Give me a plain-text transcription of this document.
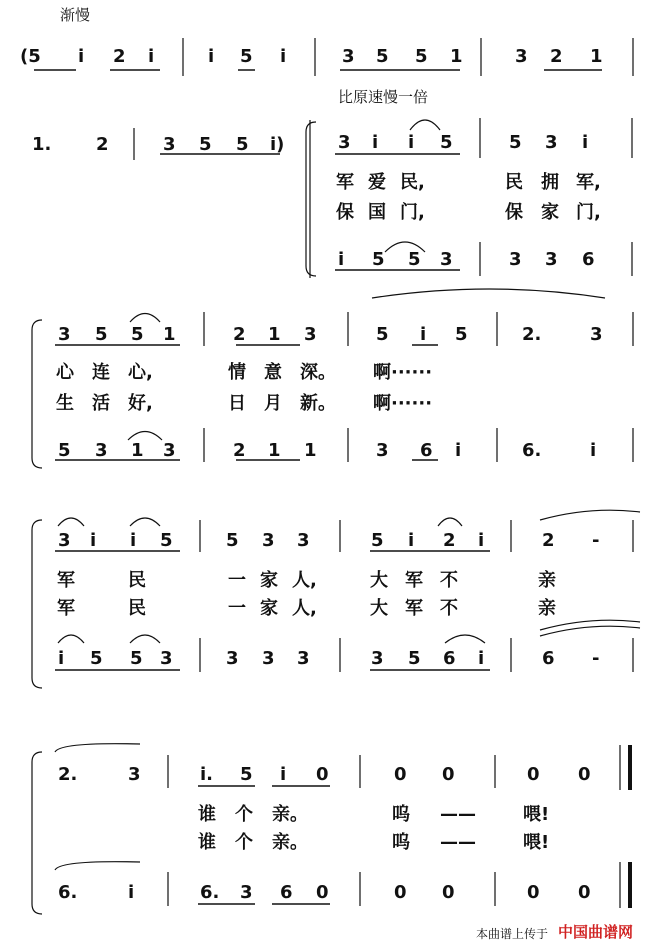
渐慢
比原速慢一倍
(5 i 2 i	i 5 i	3 5 5 1	3 2 1
1. 2	3 5 5 i)	3 i i 5	5 3 i
军 爱 民,	民 拥 军,
保 国 门,	保 家 门,
i 5 5 3	3 3 6
3 5 5 1	2 1 3	5 i 5	2.	3
心 连 心,	情 意 深。 啊······
生 活 好,	日 月 新。 啊······
5 3 1 3	2 1 1	3 6 i	6.	i
3 i i 5	5 3 3	5 i 2 i	2 -
军	民	一 家 人,	大 军 不	亲
军	民	一 家 人,	大 军 不	亲
i 5 5 3	3 3 3	3 5 6 i	6 -
2.	3	i. 5 i 0	0 0	0 0
谁 个 亲。	呜 ——	喂!
谁 个 亲。	呜 ——	喂!
6.	i	6. 3 6 0	0 0	0 0
本曲谱上传于 中国曲谱网
